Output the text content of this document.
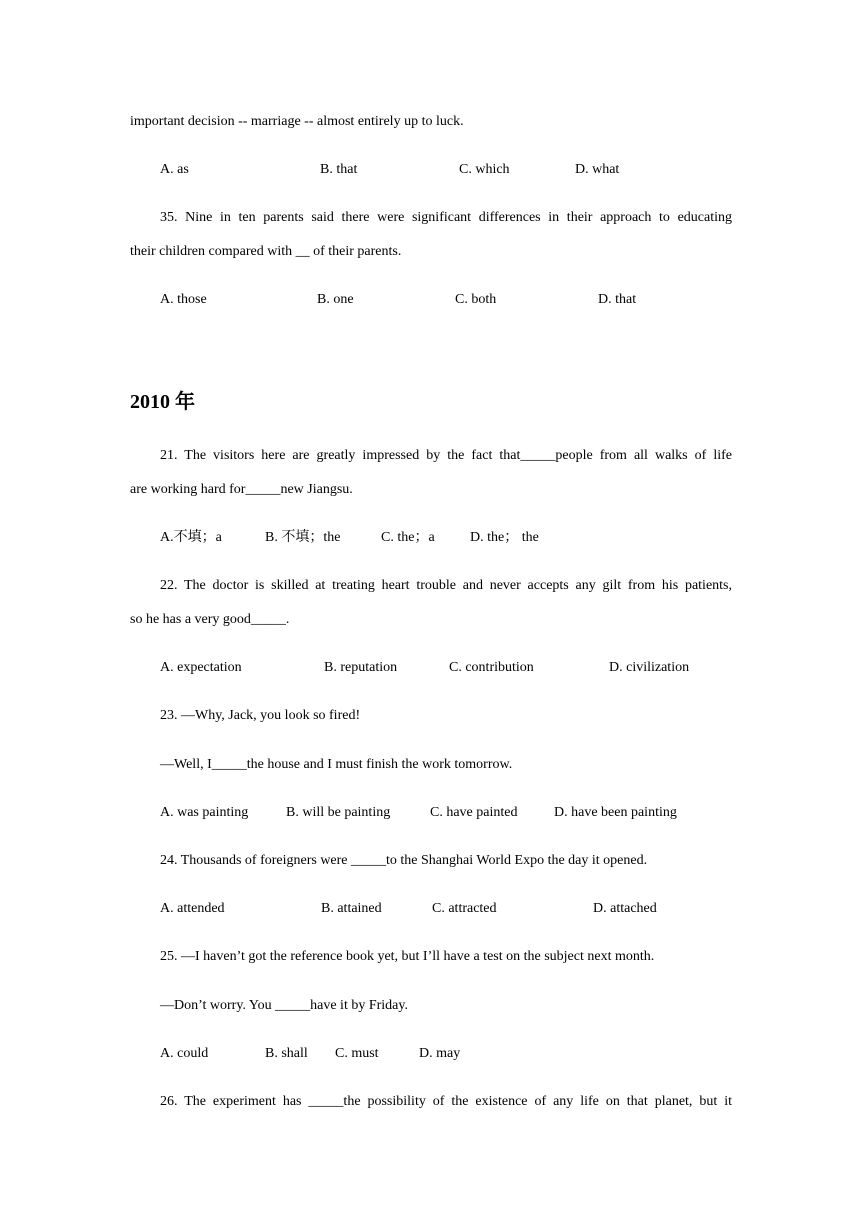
important decision -- marriage -- almost entirely up to luck.
A. as	B. that	C. which	D. what
35. Nine in ten parents said there were significant differences in their approach to educating
their children compared with __ of their parents.
A. those	B. one	C. both	D. that
2010 年
21. The visitors here are greatly impressed by the fact that_____people from all walks of life
are working hard for_____new Jiangsu.
A.不填；a	B. 不填；the	C. the；a	D. the； the
22. The doctor is skilled at treating heart trouble and never accepts any gilt from his patients,
so he has a very good_____.
A. expectation	B. reputation	C. contribution	D. civilization
23. —Why, Jack, you look so fired!
—Well, I_____the house and I must finish the work tomorrow.
A. was painting	B. will be painting	C. have painted	D. have been painting
24. Thousands of foreigners were _____to the Shanghai World Expo the day it opened.
A. attended	B. attained	C. attracted	D. attached
25. —I haven’t got the reference book yet, but I’ll have a test on the subject next month.
—Don’t worry. You _____have it by Friday.
A. could	B. shall C. must	D. may
26. The experiment has _____the possibility of the existence of any life on that planet, but it
